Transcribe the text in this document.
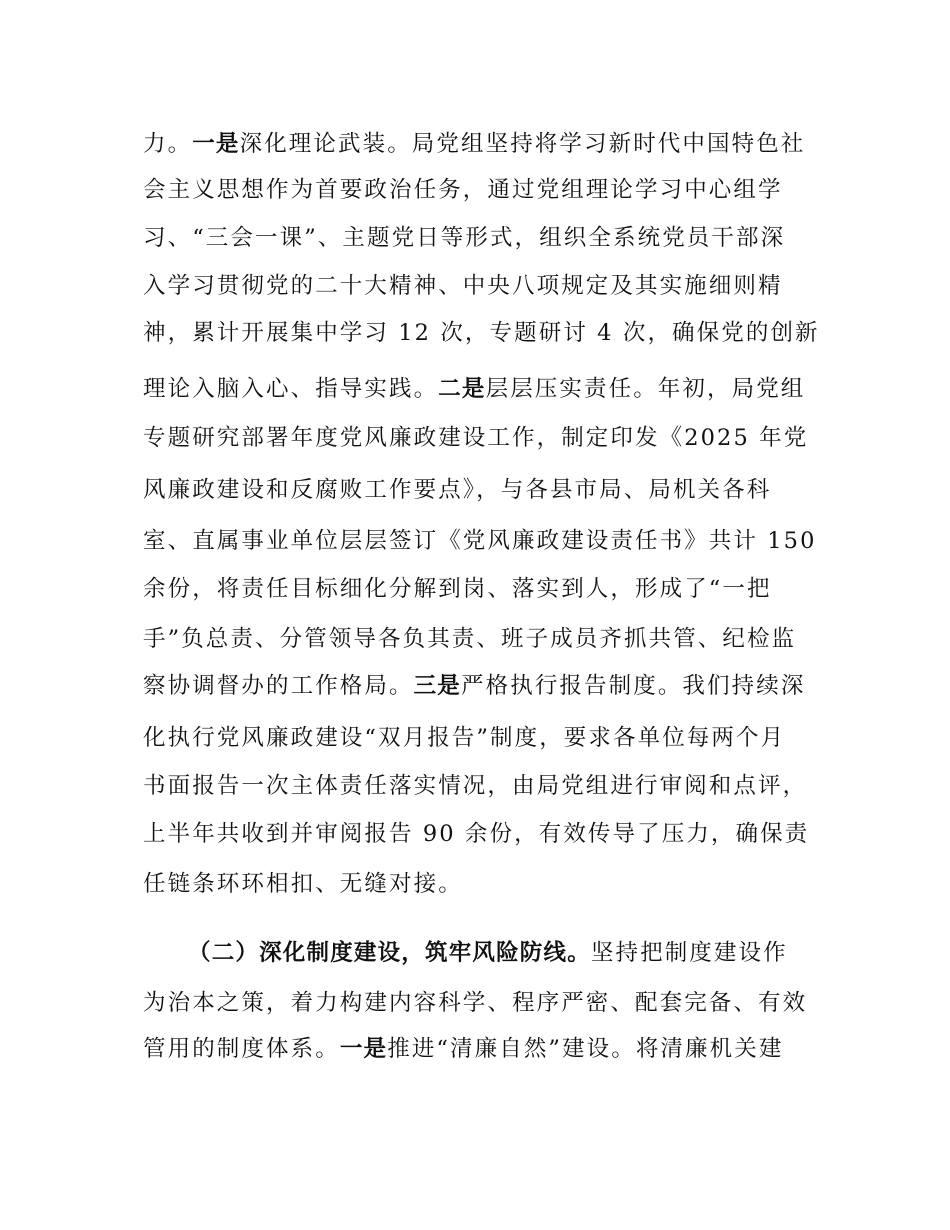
力。一是深化理论武装。局党组坚持将学习新时代中国特色社
会主义思想作为首要政治任务，通过党组理论学习中心组学
习、“三会一课”、主题党日等形式，组织全系统党员干部深
入学习贯彻党的二十大精神、中央八项规定及其实施细则精
神，累计开展集中学习 12 次，专题研讨 4 次，确保党的创新
理论入脑入心、指导实践。二是层层压实责任。年初，局党组
专题研究部署年度党风廉政建设工作，制定印发《2025 年党
风廉政建设和反腐败工作要点》，与各县市局、局机关各科
室、直属事业单位层层签订《党风廉政建设责任书》共计 150
余份，将责任目标细化分解到岗、落实到人，形成了“一把
手”负总责、分管领导各负其责、班子成员齐抓共管、纪检监
察协调督办的工作格局。三是严格执行报告制度。我们持续深
化执行党风廉政建设“双月报告”制度，要求各单位每两个月
书面报告一次主体责任落实情况，由局党组进行审阅和点评，
上半年共收到并审阅报告 90 余份，有效传导了压力，确保责
任链条环环相扣、无缝对接。
（二）深化制度建设，筑牢风险防线。坚持把制度建设作
为治本之策，着力构建内容科学、程序严密、配套完备、有效
管用的制度体系。一是推进“清廉自然”建设。将清廉机关建
